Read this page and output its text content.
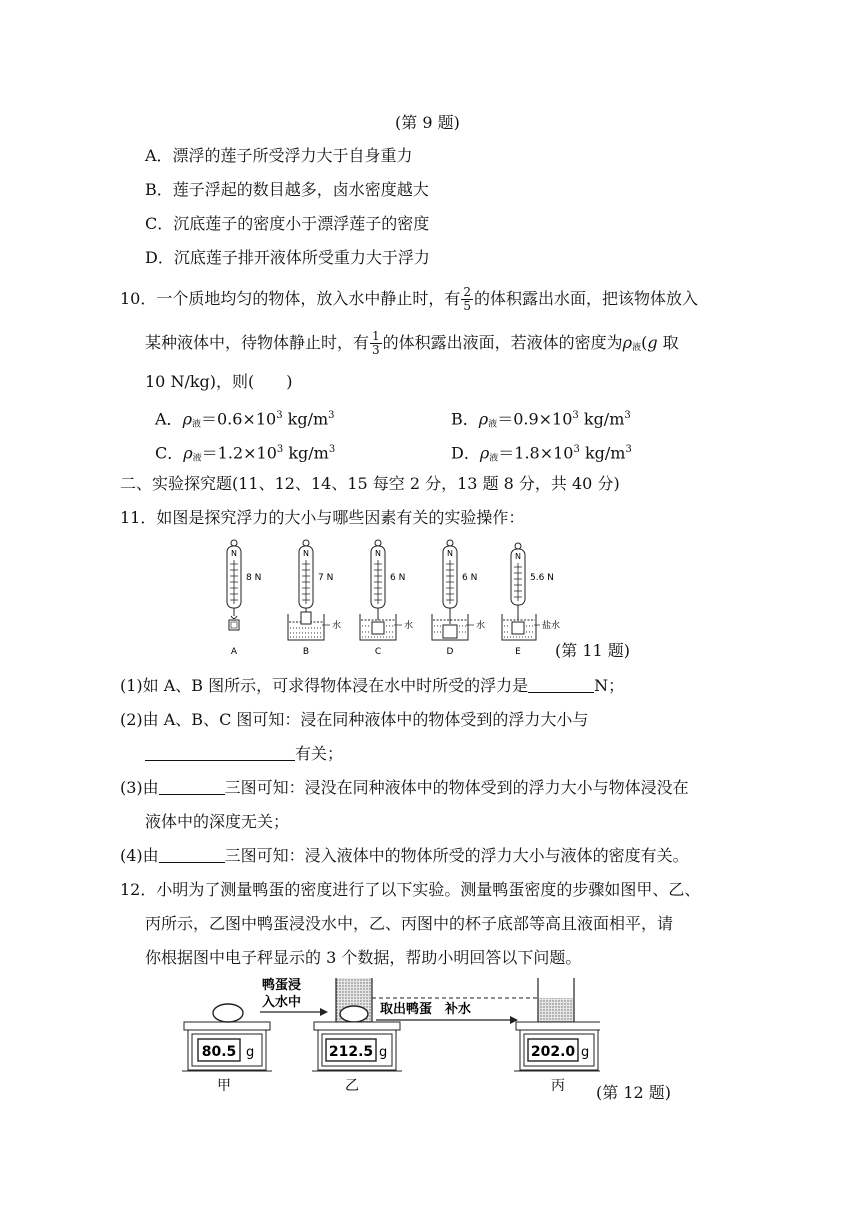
(第 9 题)
A．漂浮的莲子所受浮力大于自身重力
B．莲子浮起的数目越多，卤水密度越大
C．沉底莲子的密度小于漂浮莲子的密度
D．沉底莲子排开液体所受重力大于浮力
10．一个质地均匀的物体，放入水中静止时，有 $\frac{2}{5}$ 的体积露出水面，把该物体放入
某种液体中，待物体静止时，有 $\frac{1}{3}$ 的体积露出液面，若液体的密度为$\rho_液(g$ 取
10 N/kg)，则(　　)
A．$\rho_液=0.6\times 10^3$ $kg/m^3$	B．$\rho_液=0.9\times 10^3$ $kg/m^3$
C．$\rho_液=1.2\times 10^3$ $kg/m^3$	D．$\rho_液=1.8\times 10^3$ $kg/m^3$
二、实验探究题(11、12、14、15 每空 2 分，13 题 8 分，共 40 分)
11．如图是探究浮力的大小与哪些因素有关的实验操作：
N
8 N
A
N
水
7 N
B
N
水
6 N
C
N
水
6 N
D
N
盐水
5.6 N
E (第 11 题)
(1)如 A、B 图所示，可求得物体浸在水中时所受的浮力是	N；
(2)由 A、B、C 图可知：浸在同种液体中的物体受到的浮力大小与
有关；
(3)由	三图可知：浸没在同种液体中的物体受到的浮力大小与物体浸没在
液体中的深度无关；
(4)由	三图可知：浸入液体中的物体所受的浮力大小与液体的密度有关。
12．小明为了测量鸭蛋的密度进行了以下实验。测量鸭蛋密度的步骤如图甲、乙、
丙所示，乙图中鸭蛋浸没水中，乙、丙图中的杯子底部等高且液面相平，请
你根据图中电子秤显示的 3 个数据，帮助小明回答以下问题。
80.5 g
甲
鸭蛋浸
入水中
212.5 g
乙
取出鸭蛋　补水
202.0 g
丙 (第 12 题)
